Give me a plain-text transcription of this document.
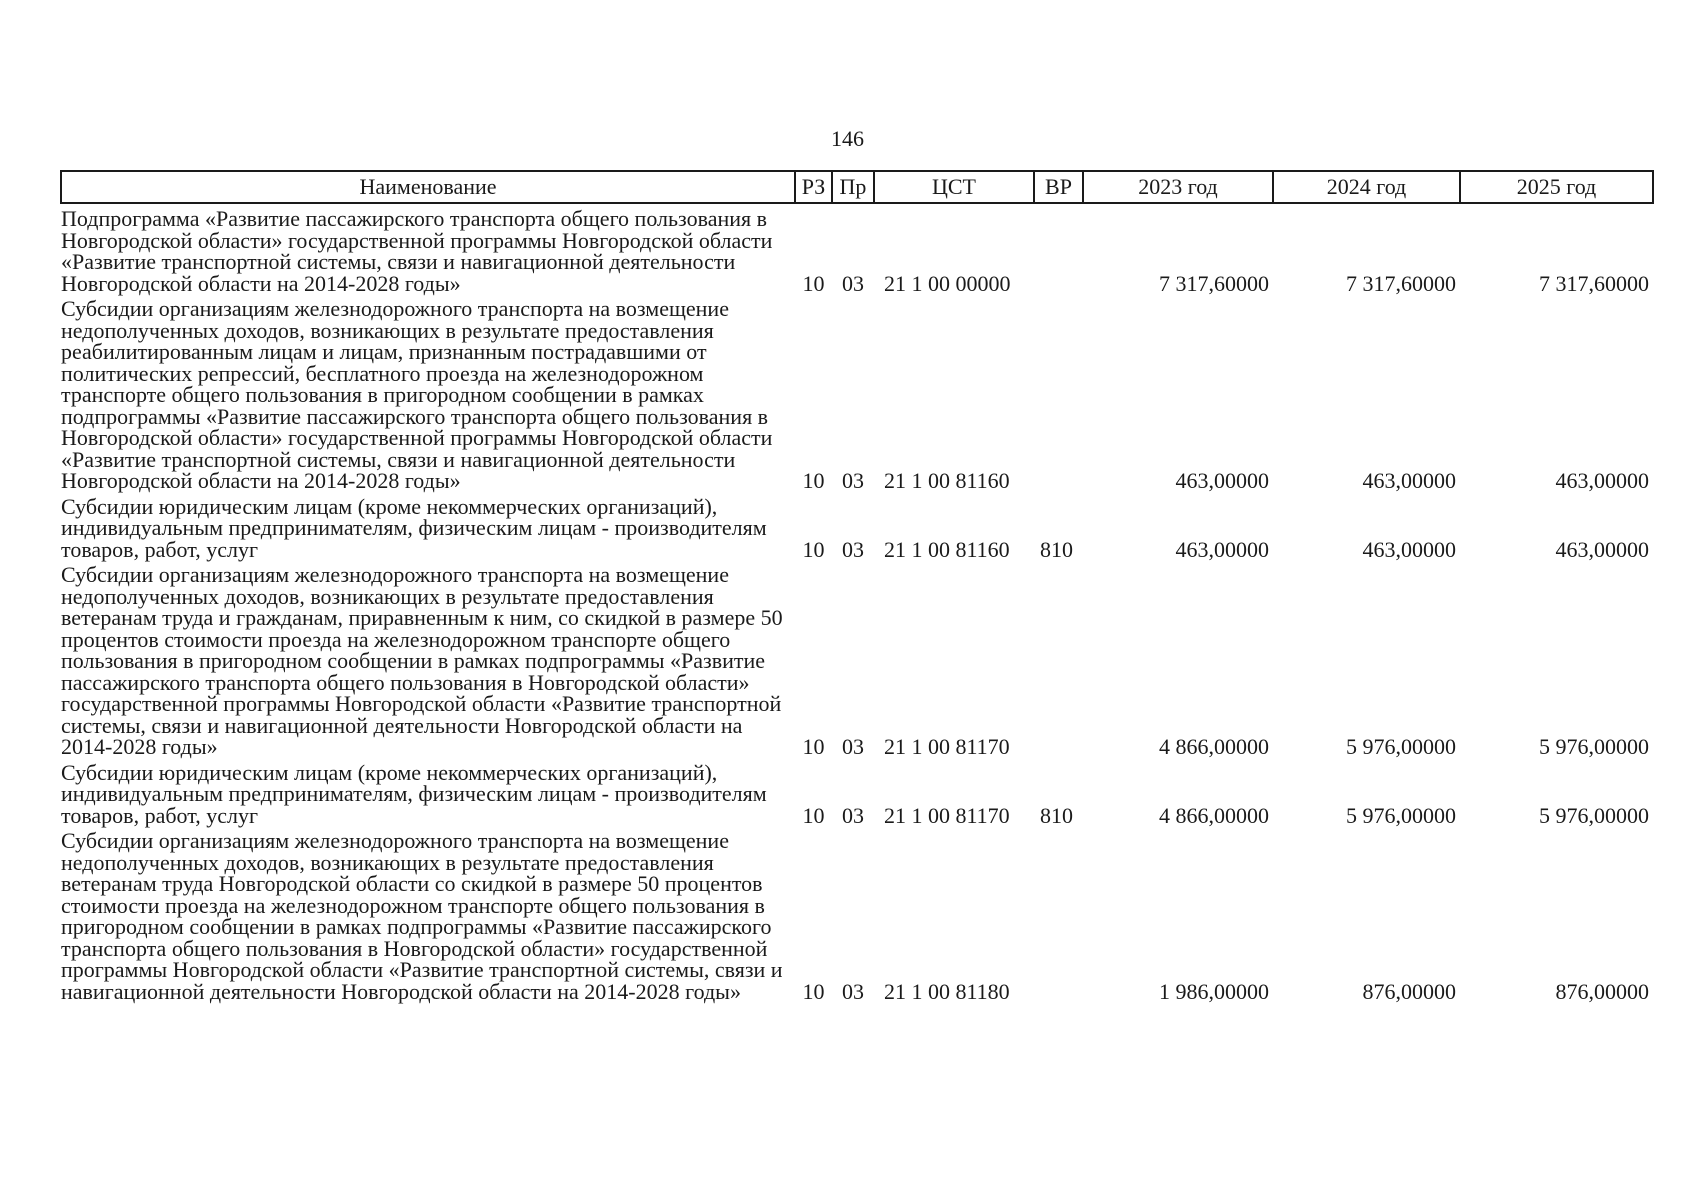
146
Наименование	РЗ	Пр	ЦСТ	ВР	2023 год	2024 год	2025 год
Подпрограмма «Развитие пассажирского транспорта общего пользования в Новгородской области» государственной программы Новгородской области «Развитие транспортной системы, связи и навигационной деятельности Новгородской области на 2014-2028 годы»	10	03	21 1 00 00000		7 317,60000	7 317,60000	7 317,60000
Субсидии организациям железнодорожного транспорта на возмещение недополученных доходов, возникающих в результате предоставления реабилитированным лицам и лицам, признанным пострадавшими от политических репрессий, бесплатного проезда на железнодорожном транспорте общего пользования в пригородном сообщении в рамках подпрограммы «Развитие пассажирского транспорта общего пользования в Новгородской области» государственной программы Новгородской области «Развитие транспортной системы, связи и навигационной деятельности Новгородской области на 2014-2028 годы»	10	03	21 1 00 81160		463,00000	463,00000	463,00000
Субсидии юридическим лицам (кроме некоммерческих организаций), индивидуальным предпринимателям, физическим лицам - производителям товаров, работ, услуг	10	03	21 1 00 81160	810	463,00000	463,00000	463,00000
Субсидии организациям железнодорожного транспорта на возмещение недополученных доходов, возникающих в результате предоставления ветеранам труда и гражданам, приравненным к ним, со скидкой в размере 50 процентов стоимости проезда на железнодорожном транспорте общего пользования в пригородном сообщении в рамках подпрограммы «Развитие пассажирского транспорта общего пользования в Новгородской области» государственной программы Новгородской области «Развитие транспортной системы, связи и навигационной деятельности Новгородской области на 2014-2028 годы»	10	03	21 1 00 81170		4 866,00000	5 976,00000	5 976,00000
Субсидии юридическим лицам (кроме некоммерческих организаций), индивидуальным предпринимателям, физическим лицам - производителям товаров, работ, услуг	10	03	21 1 00 81170	810	4 866,00000	5 976,00000	5 976,00000
Субсидии организациям железнодорожного транспорта на возмещение недополученных доходов, возникающих в результате предоставления ветеранам труда Новгородской области со скидкой в размере 50 процентов стоимости проезда на железнодорожном транспорте общего пользования в пригородном сообщении в рамках подпрограммы «Развитие пассажирского транспорта общего пользования в Новгородской области» государственной программы Новгородской области «Развитие транспортной системы, связи и навигационной деятельности Новгородской области на 2014-2028 годы»	10	03	21 1 00 81180		1 986,00000	876,00000	876,00000
